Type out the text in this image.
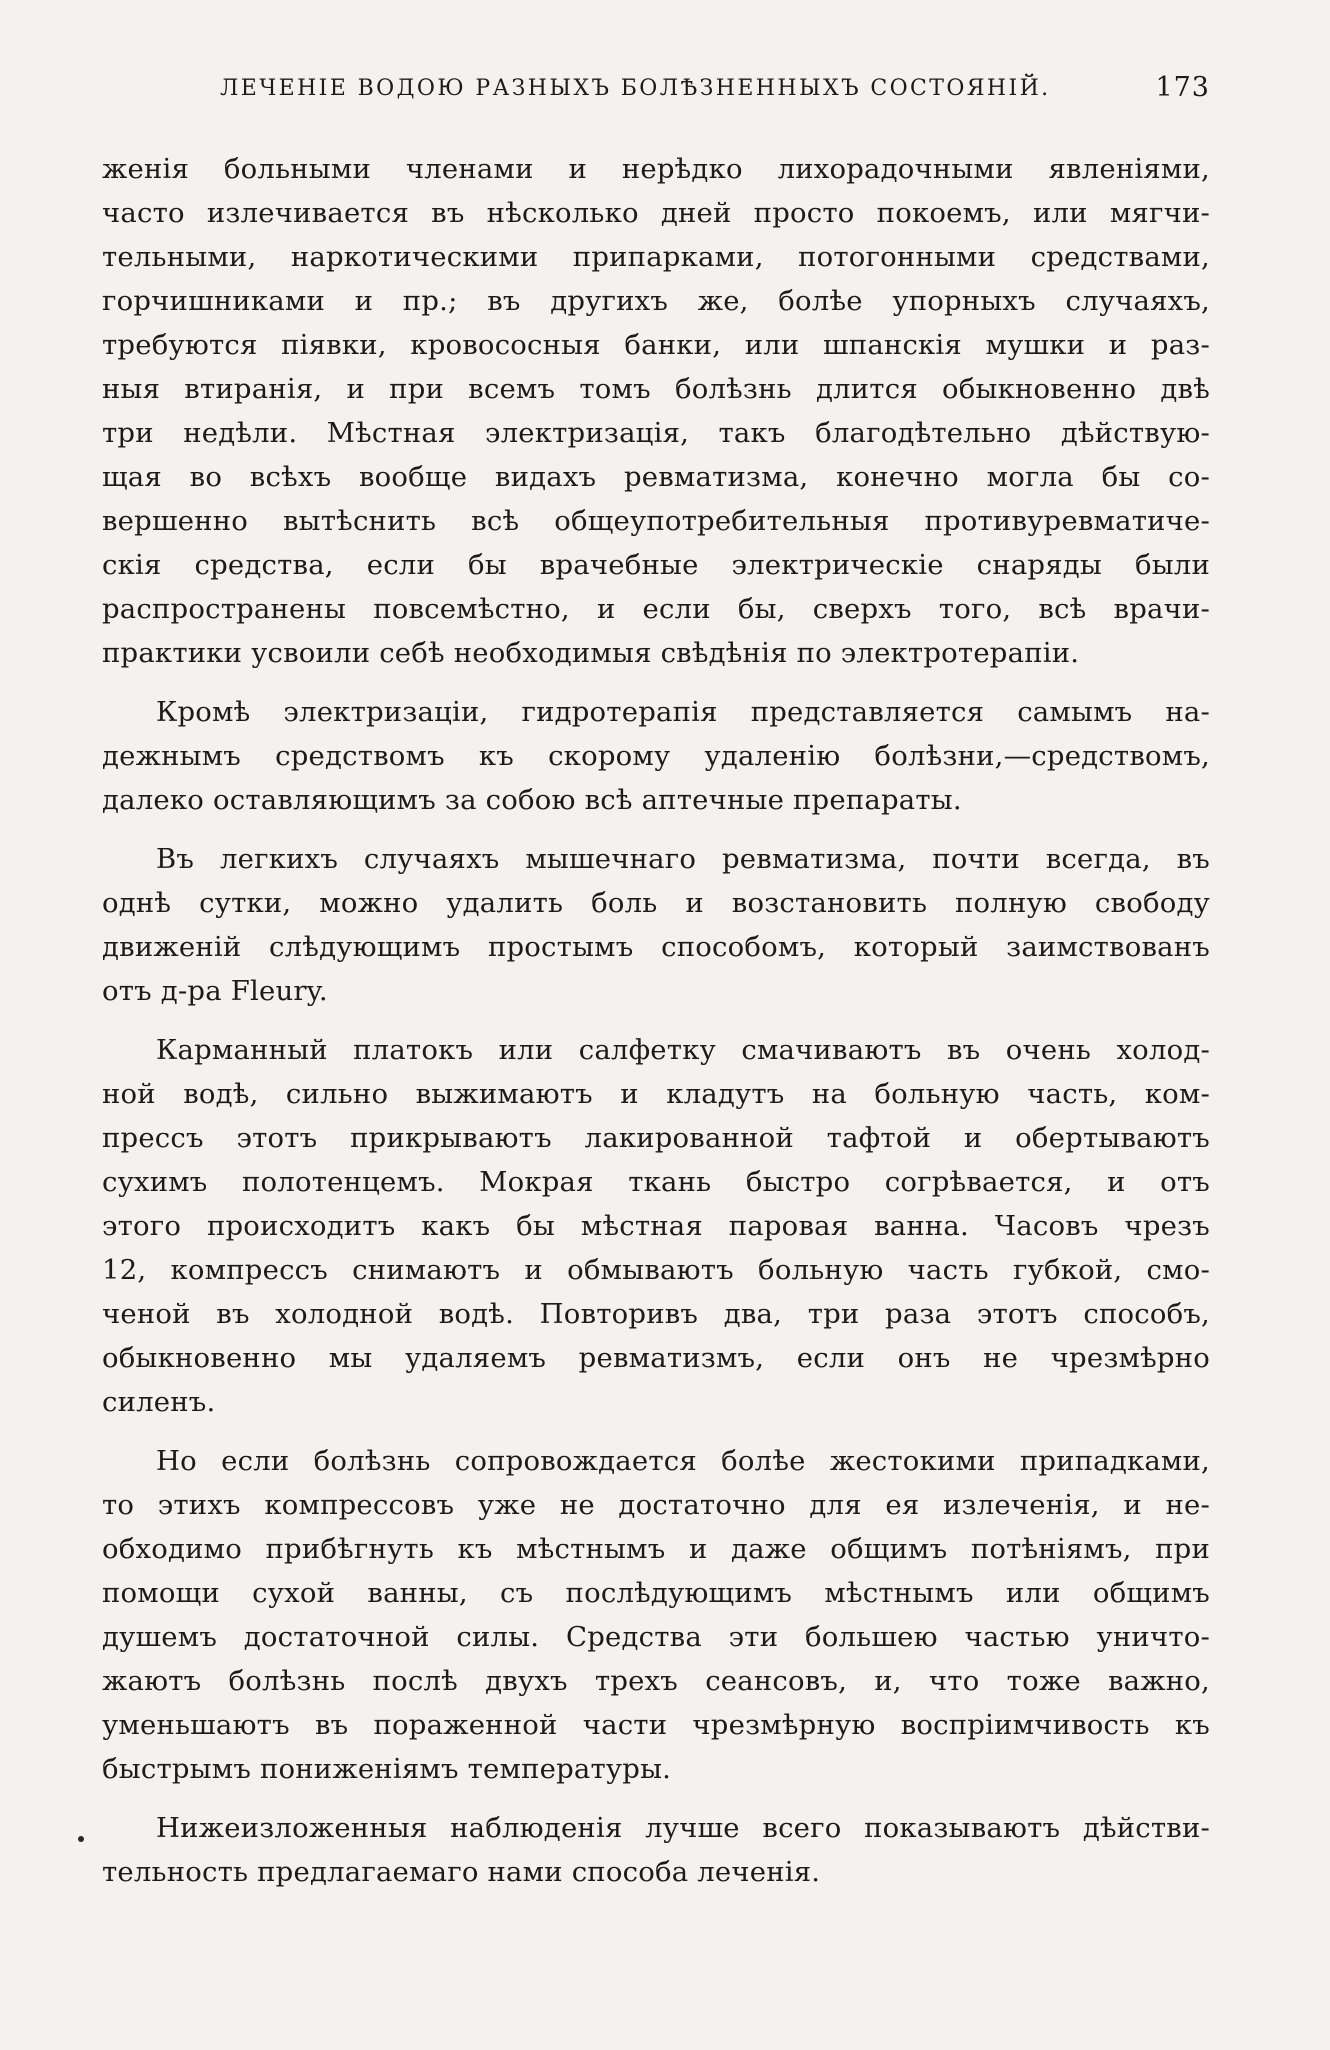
ЛЕЧЕНІЕ ВОДОЮ РАЗНЫХЪ БОЛѢЗНЕННЫХЪ СОСТОЯНІЙ.	173
женія больными членами и нерѣдко лихорадочными явленіями,
часто излечивается въ нѣсколько дней просто покоемъ, или мягчи-
тельными, наркотическими припарками, потогонными средствами,
горчишниками и пр.; въ другихъ же, болѣе упорныхъ случаяхъ,
требуются піявки, кровососныя банки, или шпанскія мушки и раз-
ныя втиранія, и при всемъ томъ болѣзнь длится обыкновенно двѣ
три недѣли. Мѣстная электризація, такъ благодѣтельно дѣйствую-
щая во всѣхъ вообще видахъ ревматизма, конечно могла бы со-
вершенно вытѣснить всѣ общеупотребительныя противуревматиче-
скія средства, если бы врачебные электрическіе снаряды были
распространены повсемѣстно, и если бы, сверхъ того, всѣ врачи-
практики усвоили себѣ необходимыя свѣдѣнія по электротерапіи.
Кромѣ электризаціи, гидротерапія представляется самымъ на-
дежнымъ средствомъ къ скорому удаленію болѣзни,—средствомъ,
далеко оставляющимъ за собою всѣ аптечные препараты.
Въ легкихъ случаяхъ мышечнаго ревматизма, почти всегда, въ
однѣ сутки, можно удалить боль и возстановить полную свободу
движеній слѣдующимъ простымъ способомъ, который заимствованъ
отъ д-ра Fleury.
Карманный платокъ или салфетку смачиваютъ въ очень холод-
ной водѣ, сильно выжимаютъ и кладутъ на больную часть, ком-
прессъ этотъ прикрываютъ лакированной тафтой и обертываютъ
сухимъ полотенцемъ. Мокрая ткань быстро согрѣвается, и отъ
этого происходитъ какъ бы мѣстная паровая ванна. Часовъ чрезъ
12, компрессъ снимаютъ и обмываютъ больную часть губкой, смо-
ченой въ холодной водѣ. Повторивъ два, три раза этотъ способъ,
обыкновенно мы удаляемъ ревматизмъ, если онъ не чрезмѣрно
силенъ.
Но если болѣзнь сопровождается болѣе жестокими припадками,
то этихъ компрессовъ уже не достаточно для ея излеченія, и не-
обходимо прибѣгнуть къ мѣстнымъ и даже общимъ потѣніямъ, при
помощи сухой ванны, съ послѣдующимъ мѣстнымъ или общимъ
душемъ достаточной силы. Средства эти большею частью уничто-
жаютъ болѣзнь послѣ двухъ трехъ сеансовъ, и, что тоже важно,
уменьшаютъ въ пораженной части чрезмѣрную воспріимчивость къ
быстрымъ пониженіямъ температуры.
Нижеизложенныя наблюденія лучше всего показываютъ дѣйстви-
тельность предлагаемаго нами способа леченія.
